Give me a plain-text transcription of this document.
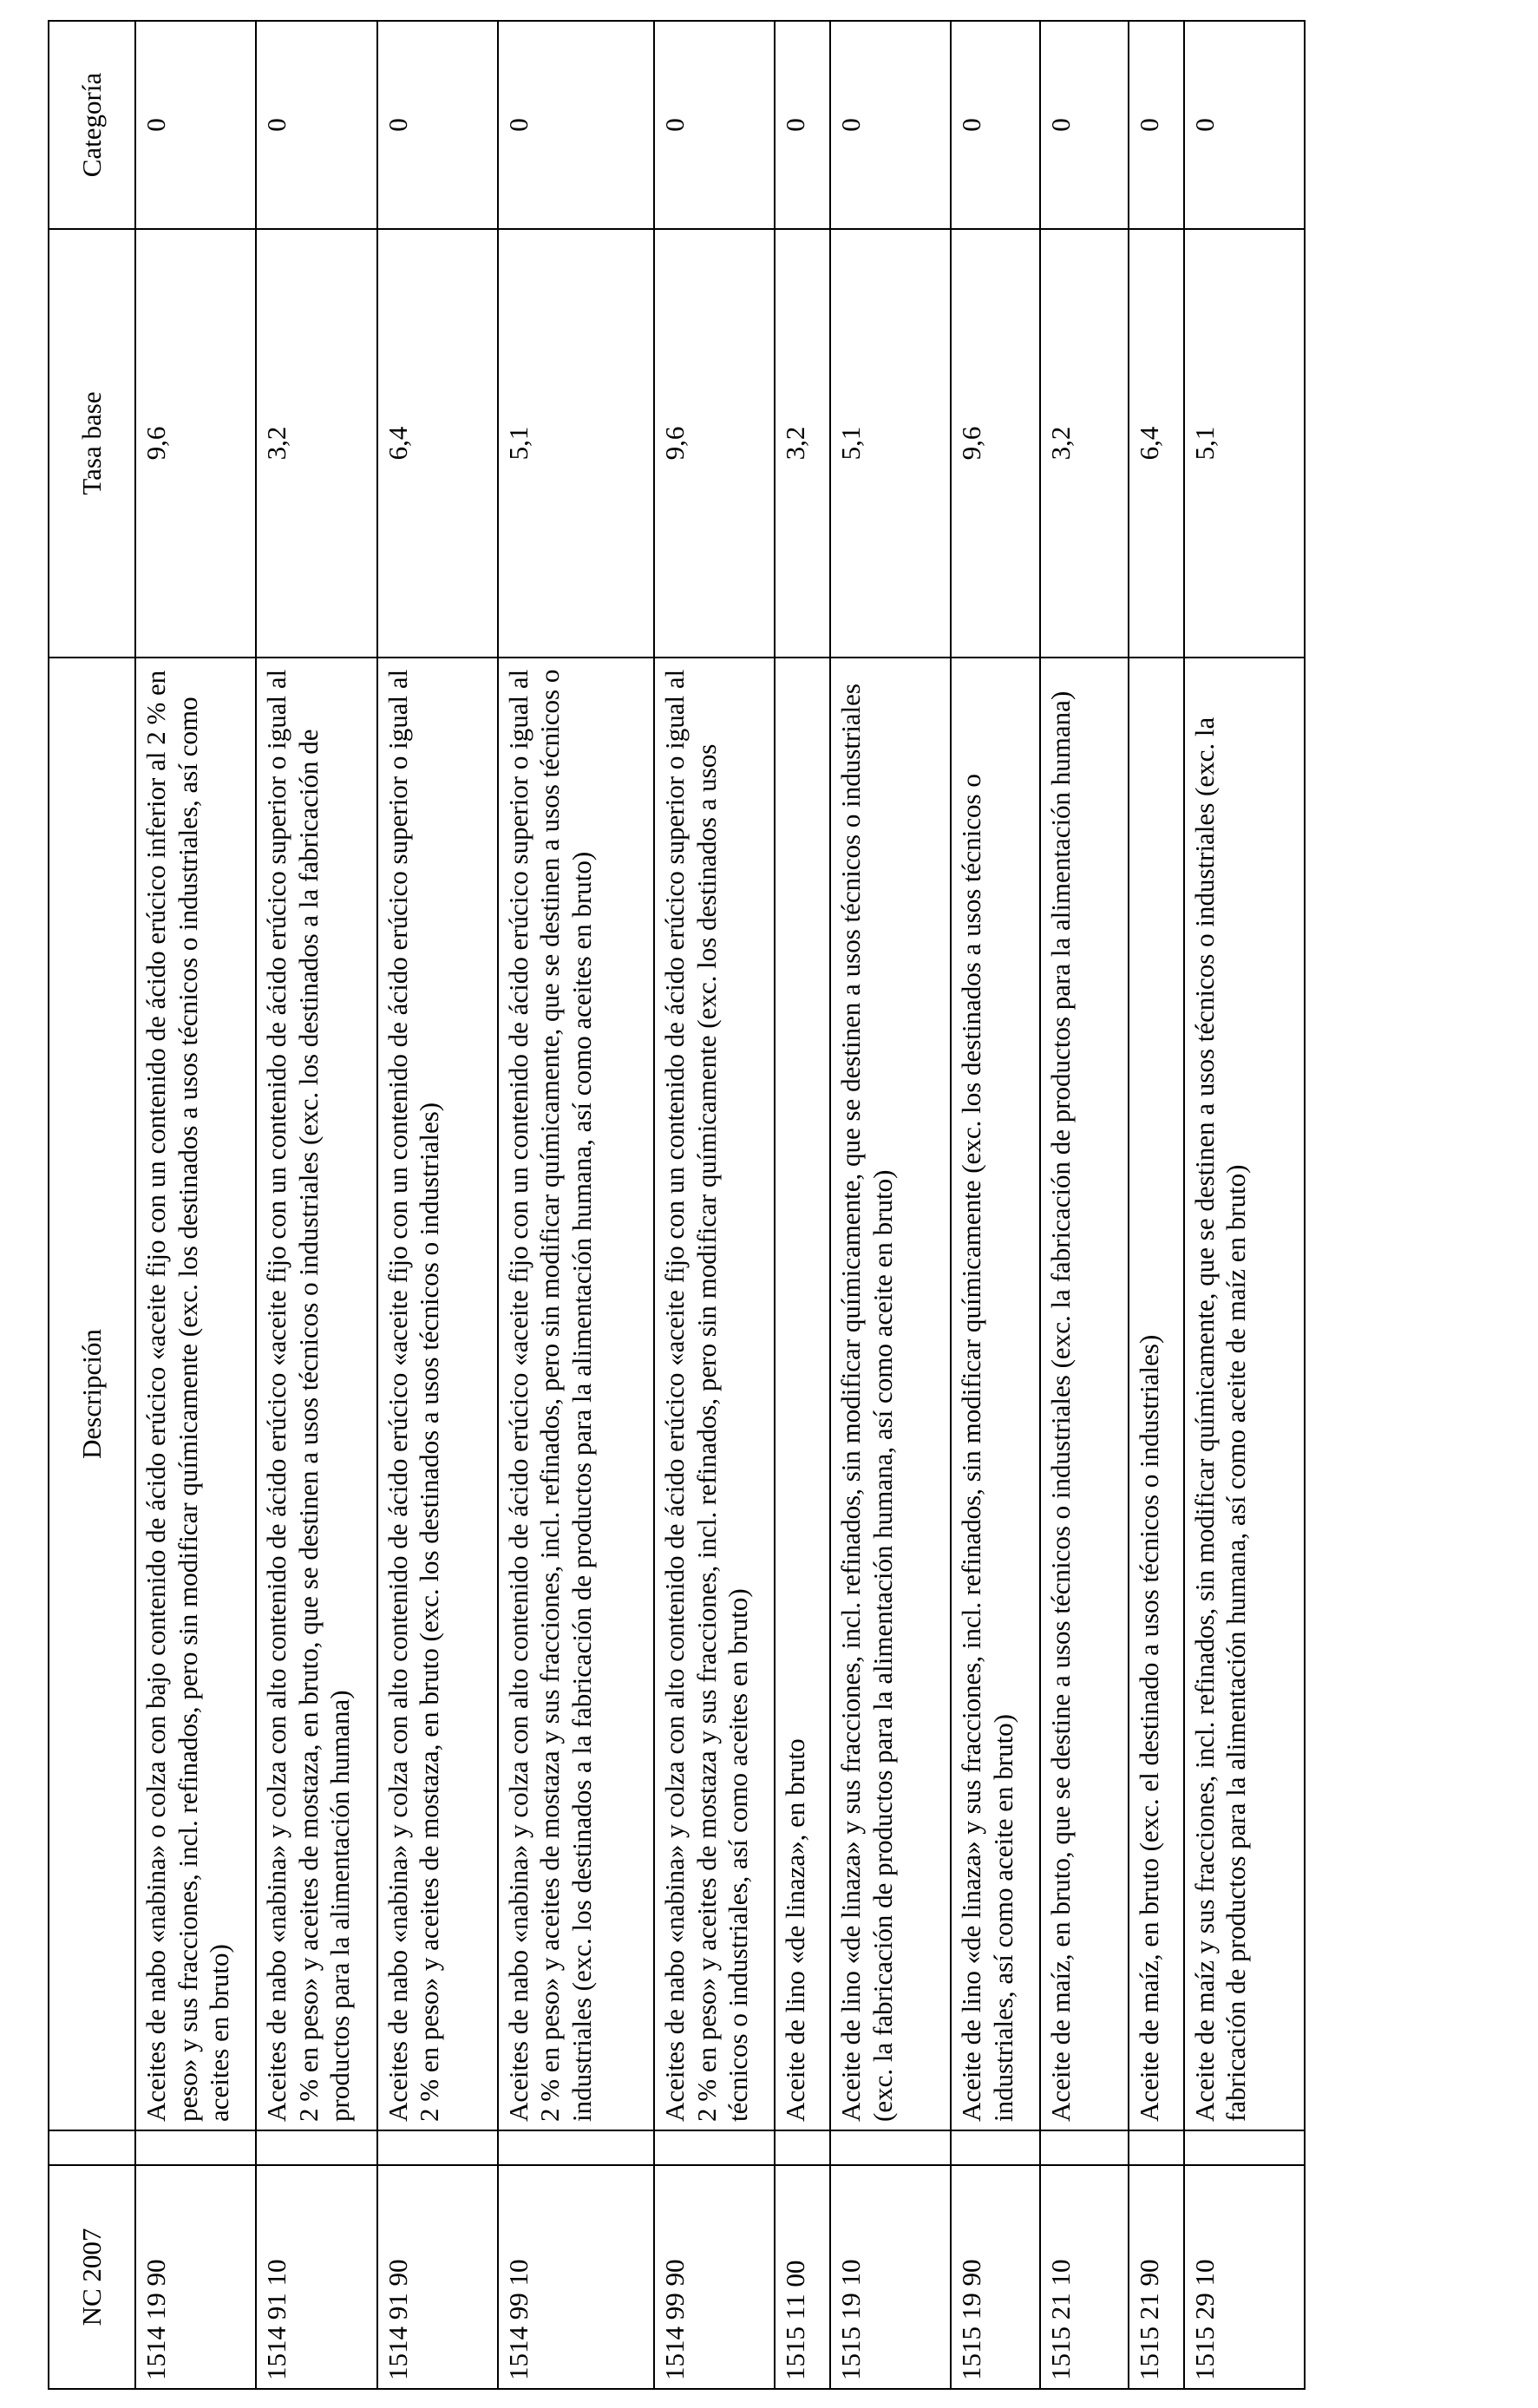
NC 2007		Descripción	Tasa base	Categoría
1514 19 90		Aceites de nabo «nabina» o colza con bajo contenido de ácido erúcico «aceite fijo con un contenido de ácido erúcico inferior al 2 % en peso» y sus fracciones, incl. refinados, pero sin modificar químicamente (exc. los destinados a usos técnicos o industriales, así como aceites en bruto)	9,6	0
1514 91 10		Aceites de nabo «nabina» y colza con alto contenido de ácido erúcico «aceite fijo con un contenido de ácido erúcico superior o igual al 2 % en peso» y aceites de mostaza, en bruto, que se destinen a usos técnicos o industriales (exc. los destinados a la fabricación de productos para la alimentación humana)	3,2	0
1514 91 90		Aceites de nabo «nabina» y colza con alto contenido de ácido erúcico «aceite fijo con un contenido de ácido erúcico superior o igual al 2 % en peso» y aceites de mostaza, en bruto (exc. los destinados a usos técnicos o industriales)	6,4	0
1514 99 10		Aceites de nabo «nabina» y colza con alto contenido de ácido erúcico «aceite fijo con un contenido de ácido erúcico superior o igual al 2 % en peso» y aceites de mostaza y sus fracciones, incl. refinados, pero sin modificar químicamente, que se destinen a usos técnicos o industriales (exc. los destinados a la fabricación de productos para la alimentación humana, así como aceites en bruto)	5,1	0
1514 99 90		Aceites de nabo «nabina» y colza con alto contenido de ácido erúcico «aceite fijo con un contenido de ácido erúcico superior o igual al 2 % en peso» y aceites de mostaza y sus fracciones, incl. refinados, pero sin modificar químicamente (exc. los destinados a usos técnicos o industriales, así como aceites en bruto)	9,6	0
1515 11 00		Aceite de lino «de linaza», en bruto	3,2	0
1515 19 10		Aceite de lino «de linaza» y sus fracciones, incl. refinados, sin modificar químicamente, que se destinen a usos técnicos o industriales (exc. la fabricación de productos para la alimentación humana, así como aceite en bruto)	5,1	0
1515 19 90		Aceite de lino «de linaza» y sus fracciones, incl. refinados, sin modificar químicamente (exc. los destinados a usos técnicos o industriales, así como aceite en bruto)	9,6	0
1515 21 10		Aceite de maíz, en bruto, que se destine a usos técnicos o industriales (exc. la fabricación de productos para la alimentación humana)	3,2	0
1515 21 90		Aceite de maíz, en bruto (exc. el destinado a usos técnicos o industriales)	6,4	0
1515 29 10		Aceite de maíz y sus fracciones, incl. refinados, sin modificar químicamente, que se destinen a usos técnicos o industriales (exc. la fabricación de productos para la alimentación humana, así como aceite de maíz en bruto)	5,1	0
